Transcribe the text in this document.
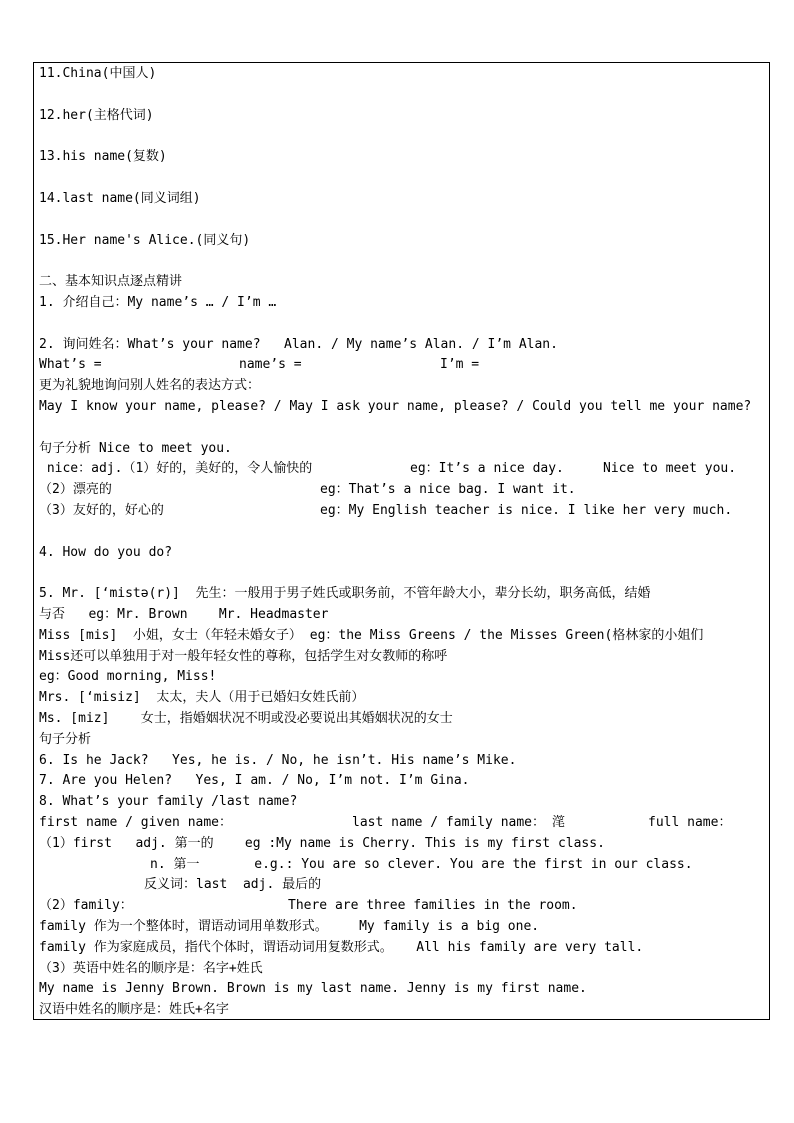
11.China(中国人)
12.her(主格代词)
13.his name(复数)
14.last name(同义词组)
15.Her name's Alice.(同义句)
二、基本知识点逐点精讲
1. 介绍自己：My name’s … / I’m …
2. 询问姓名：What’s your name?   Alan. / My name’s Alan. / I’m Alan.
What’s =	name’s =	I’m =
更为礼貌地询问别人姓名的表达方式：
May I know your name, please? / May I ask your name, please? / Could you tell me your name?
句子分析 Nice to meet you.
nice：adj.（1）好的，美好的，令人愉快的	eg：It’s a nice day.     Nice to meet you.
（2）漂亮的	eg：That’s a nice bag. I want it.
（3）友好的，好心的	eg：My English teacher is nice. I like her very much.
4. How do you do?
5. Mr. [‘mistə(r)]  先生：一般用于男子姓氏或职务前，不管年龄大小，辈分长幼，职务高低，结婚
与否   eg：Mr. Brown    Mr. Headmaster
Miss [mis]  小姐，女士（年轻未婚女子） eg：the Miss Greens / the Misses Green(格林家的小姐们
Miss还可以单独用于对一般年轻女性的尊称，包括学生对女教师的称呼
eg：Good morning, Miss!
Mrs. [‘misiz]  太太，夫人（用于已婚妇女姓氏前）
Ms. [miz]    女士，指婚姻状况不明或没必要说出其婚姻状况的女士
句子分析
6. Is he Jack?   Yes, he is. / No, he isn’t. His name’s Mike.
7. Are you Helen?   Yes, I am. / No, I’m not. I’m Gina.
8. What’s your family /last name?
first name / given name：	last name / family name： 滗	full name：
（1）first   adj. 第一的    eg :My name is Cherry. This is my first class.
n. 第一       e.g.: You are so clever. You are the first in our class.
反义词：last  adj. 最后的
（2）family：	There are three families in the room.
family 作为一个整体时，谓语动词用单数形式。    My family is a big one.
family 作为家庭成员，指代个体时，谓语动词用复数形式。   All his family are very tall.
（3）英语中姓名的顺序是：名字+姓氏
My name is Jenny Brown. Brown is my last name. Jenny is my first name.
汉语中姓名的顺序是：姓氏+名字
